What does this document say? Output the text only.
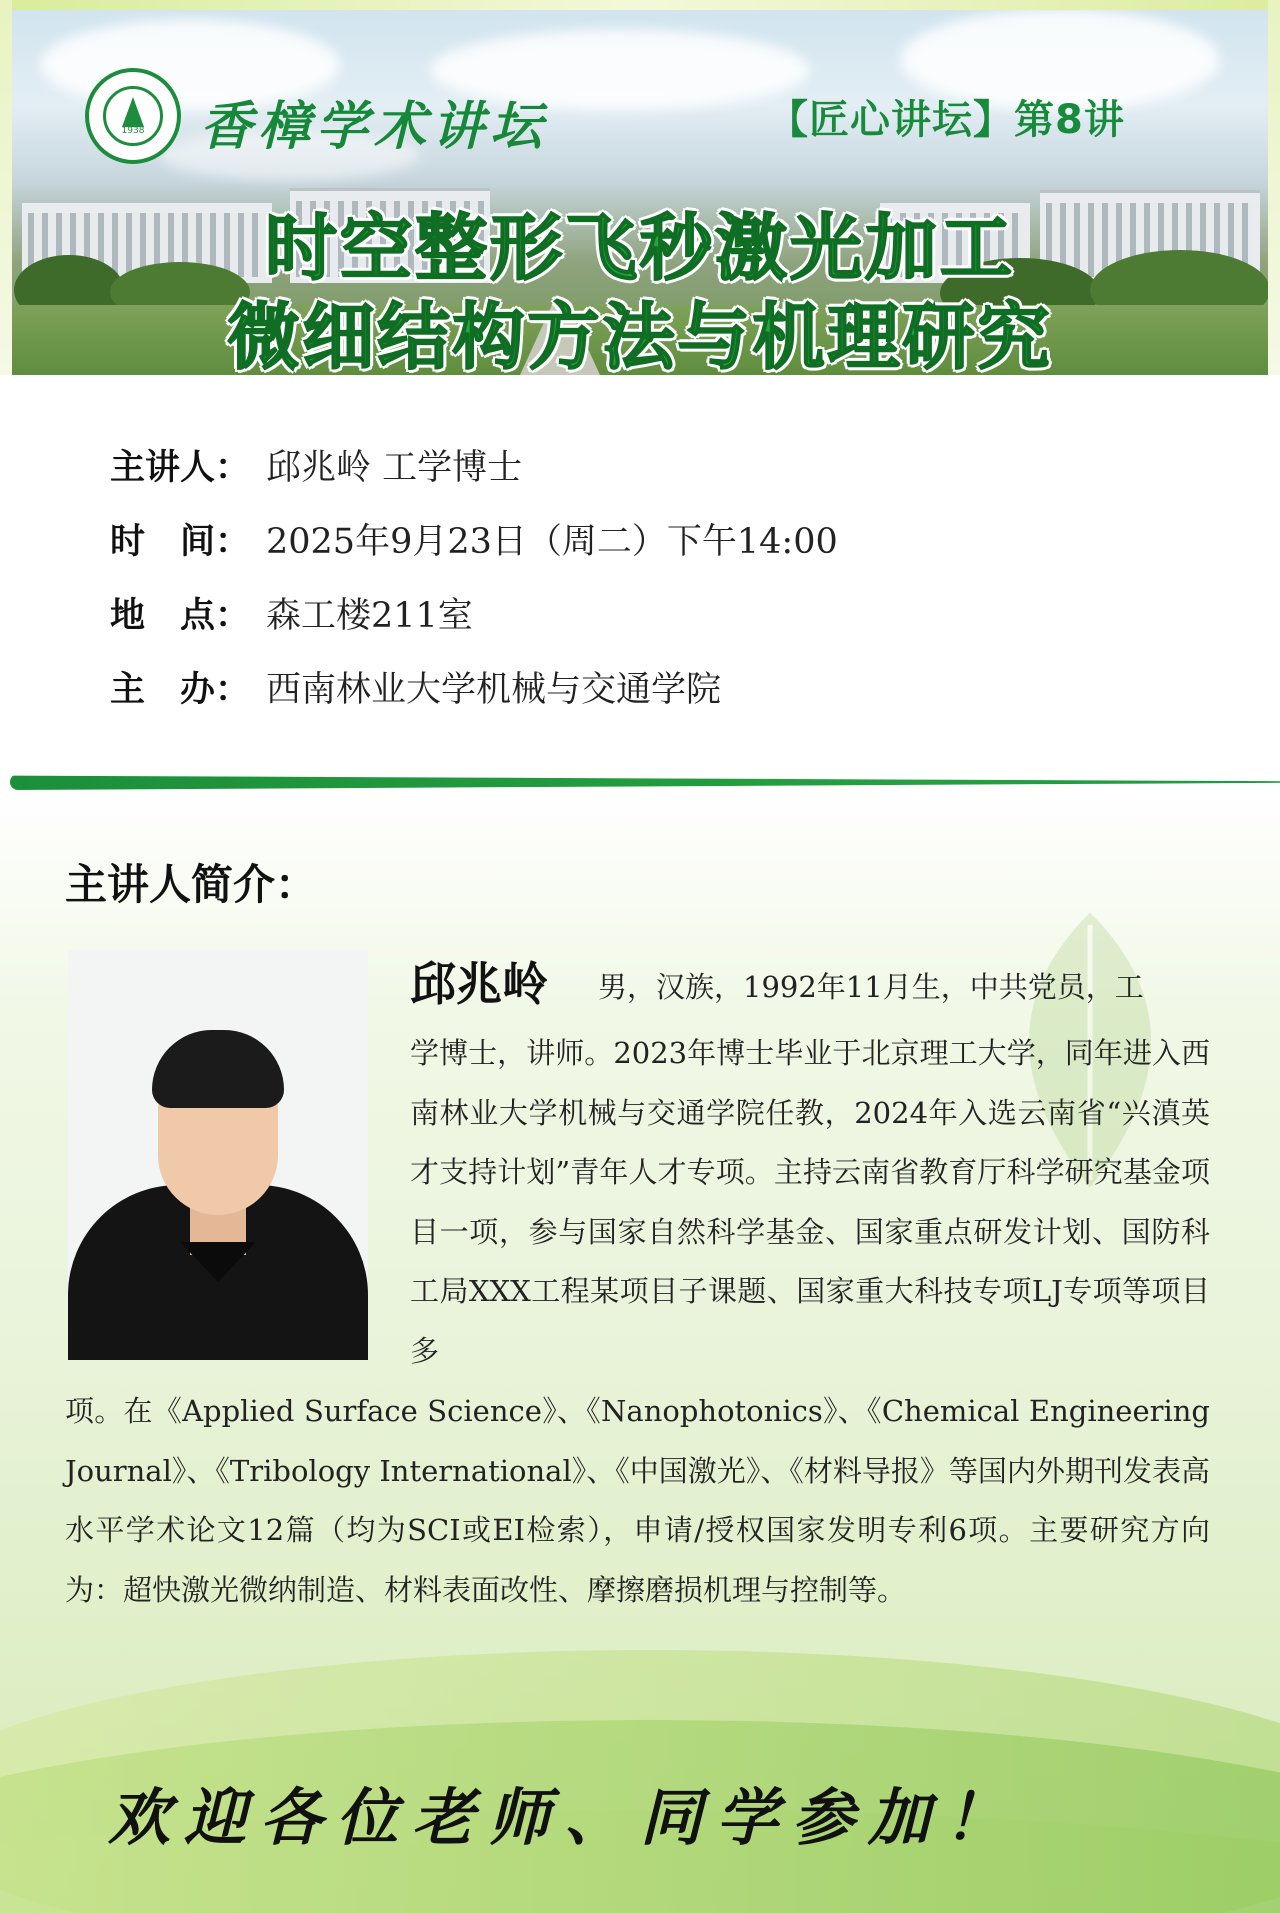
1938	香樟学术讲坛	【匠心讲坛】第8讲
时空整形飞秒激光加工
微细结构方法与机理研究
主讲人： 邱兆岭 工学博士
时　间： 2025年9月23日（周二）下午14:00
地　点： 森工楼211室
主　办： 西南林业大学机械与交通学院
主讲人简介：
邱兆岭 男，汉族，1992年11月生，中共党员，工

学博士，讲师。2023年博士毕业于北京理工大学，同年进入西南林业大学机械与交通学院任教，2024年入选云南省“兴滇英才支持计划”青年人才专项。主持云南省教育厅科学研究基金项目一项，参与国家自然科学基金、国家重点研发计划、国防科工局XXX工程某项目子课题、国家重大科技专项LJ专项等项目多

项。在《Applied Surface Science》、《Nanophotonics》、《Chemical Engineering Journal》、《Tribology International》、《中国激光》、《材料导报》等国内外期刊发表高水平学术论文12篇（均为SCI或EI检索），申请/授权国家发明专利6项。主要研究方向为：超快激光微纳制造、材料表面改性、摩擦磨损机理与控制等。

欢迎各位老师、同学参加！
